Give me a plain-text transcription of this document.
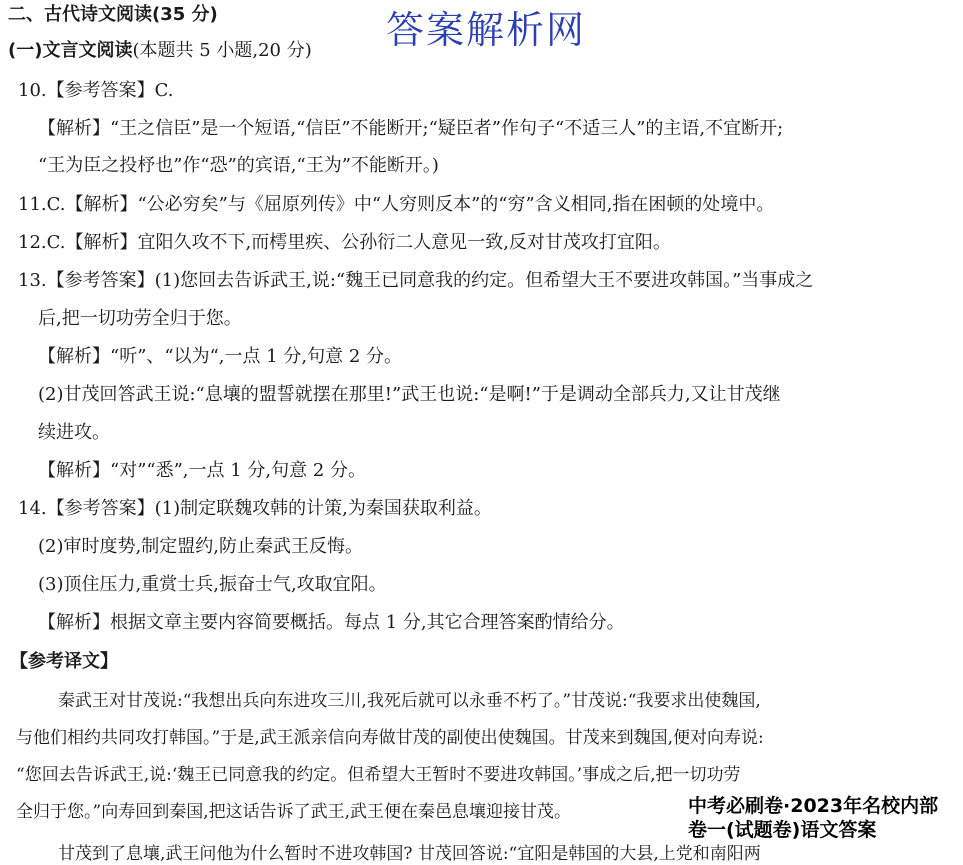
二、古代诗文阅读(35 分)
(一)文言文阅读(本题共 5 小题,20 分) 答案解析网
10.【参考答案】C.
【解析】“王之信臣”是一个短语,“信臣”不能断开;“疑臣者”作句子“不适三人”的主语,不宜断开;
“王为臣之投杼也”作“恐”的宾语,“王为”不能断开。)
11.C.【解析】“公必穷矣”与《屈原列传》中“人穷则反本”的“穷”含义相同,指在困顿的处境中。
12.C.【解析】宜阳久攻不下,而樗里疾、公孙衍二人意见一致,反对甘茂攻打宜阳。
13.【参考答案】(1)您回去告诉武王,说:“魏王已同意我的约定。但希望大王不要进攻韩国。”当事成之
后,把一切功劳全归于您。
【解析】“听”、“以为“,一点 1 分,句意 2 分。
(2)甘茂回答武王说:“息壤的盟誓就摆在那里!”武王也说:“是啊!”于是调动全部兵力,又让甘茂继
续进攻。
【解析】“对”“悉”,一点 1 分,句意 2 分。
14.【参考答案】(1)制定联魏攻韩的计策,为秦国获取利益。
(2)审时度势,制定盟约,防止秦武王反悔。
(3)顶住压力,重赏士兵,振奋士气,攻取宜阳。
【解析】根据文章主要内容简要概括。每点 1 分,其它合理答案酌情给分。
【参考译文】
秦武王对甘茂说:“我想出兵向东进攻三川,我死后就可以永垂不朽了。”甘茂说:“我要求出使魏国,
与他们相约共同攻打韩国。”于是,武王派亲信向寿做甘茂的副使出使魏国。甘茂来到魏国,便对向寿说:
“您回去告诉武王,说:‘魏王已同意我的约定。但希望大王暂时不要进攻韩国。’事成之后,把一切功劳
全归于您。”向寿回到秦国,把这话告诉了武王,武王便在秦邑息壤迎接甘茂。
甘茂到了息壤,武王问他为什么暂时不进攻韩国? 甘茂回答说:“宜阳是韩国的大县,上党和南阳两
中考必刷卷·2023年名校内部
卷一(试题卷)语文答案
